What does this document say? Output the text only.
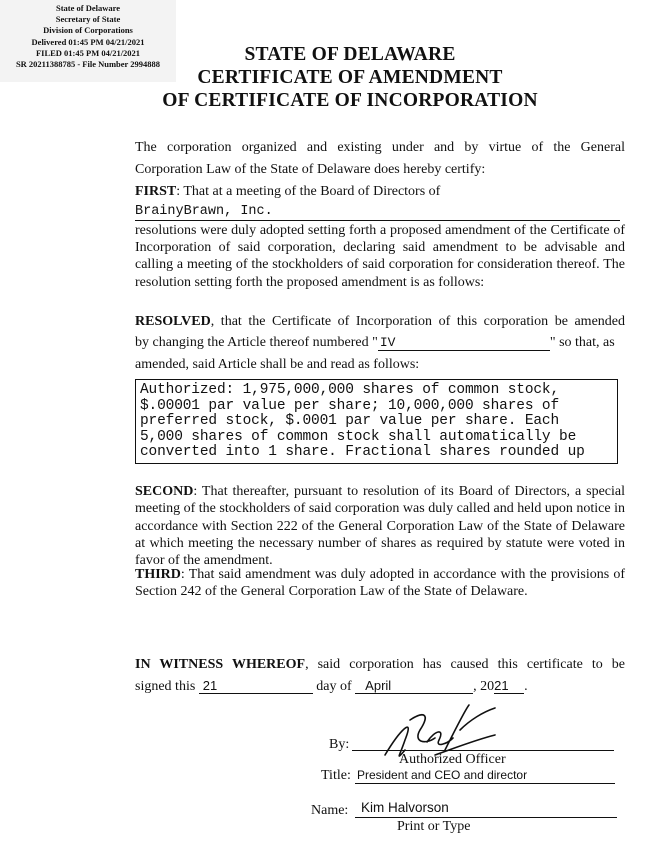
State of Delaware
Secretary of State
Division of Corporations
Delivered 01:45 PM 04/21/2021
FILED 01:45 PM 04/21/2021
SR 20211388785 - File Number 2994888	STATE OF DELAWARE
CERTIFICATE OF AMENDMENT
OF CERTIFICATE OF INCORPORATION
The corporation organized and existing under and by virtue of the General
Corporation Law of the State of Delaware does hereby certify:
FIRST: That at a meeting of the Board of Directors of
BrainyBrawn, Inc.
resolutions were duly adopted setting forth a proposed amendment of the Certificate of Incorporation of said corporation, declaring said amendment to be advisable and calling a meeting of the stockholders of said corporation for consideration thereof. The resolution setting forth the proposed amendment is as follows:
RESOLVED, that the Certificate of Incorporation of this corporation be amended
by changing the Article thereof numbered " IV	" so that, as
amended, said Article shall be and read as follows:
Authorized: 1,975,000,000 shares of common stock,
$.00001 par value per share; 10,000,000 shares of
preferred stock, $.0001 par value per share. Each
5,000 shares of common stock shall automatically be
converted into 1 share. Fractional shares rounded up
SECOND: That thereafter, pursuant to resolution of its Board of Directors, a special meeting of the stockholders of said corporation was duly called and held upon notice in accordance with Section 222 of the General Corporation Law of the State of Delaware at which meeting the necessary number of shares as required by statute were voted in favor of the amendment.
THIRD: That said amendment was duly adopted in accordance with the provisions of Section 242 of the General Corporation Law of the State of Delaware.
IN WITNESS WHEREOF, said corporation has caused this certificate to be
signed this 21	day of April	, 2021 .
By:
Authorized Officer
Title: President and CEO and director
Name: Kim Halvorson
Print or Type
